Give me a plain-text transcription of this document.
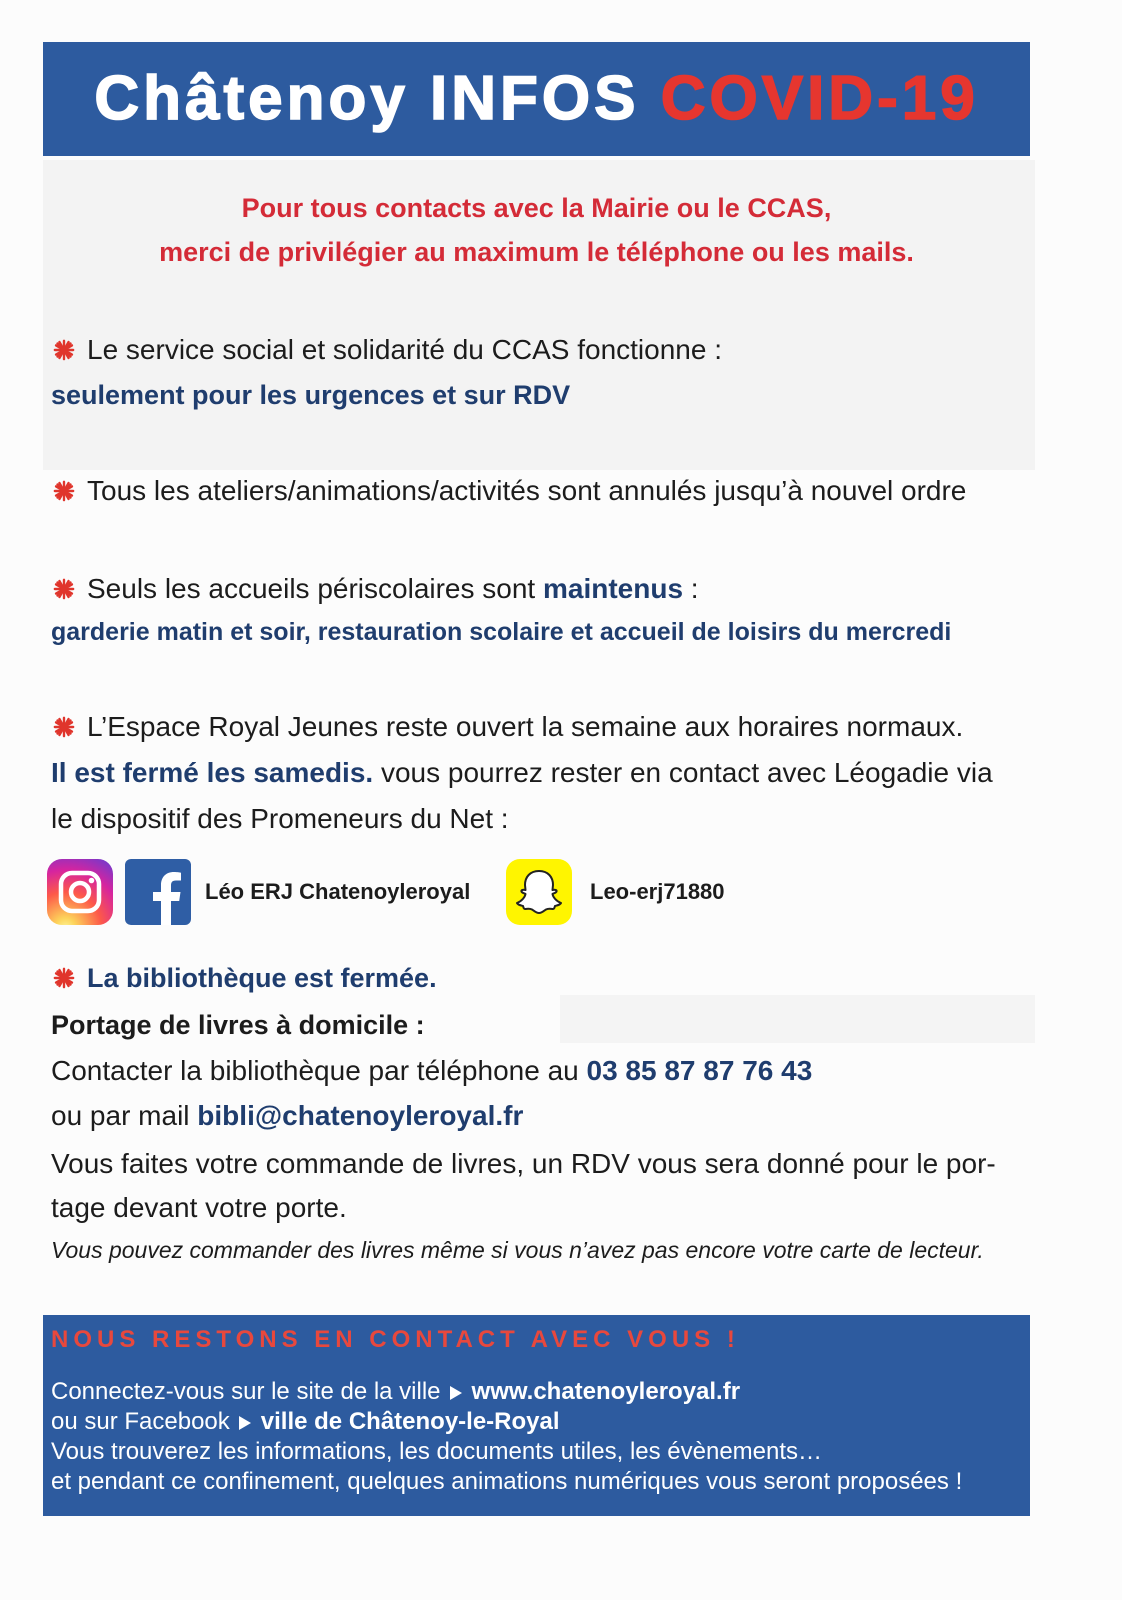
Châtenoy INFOS COVID-19
Pour tous contacts avec la Mairie ou le CCAS,
merci de privilégier au maximum le téléphone ou les mails.
Le service social et solidarité du CCAS fonctionne :
seulement pour les urgences et sur RDV
Tous les ateliers/animations/activités sont annulés jusqu’à nouvel ordre
Seuls les accueils périscolaires sont maintenus :
garderie matin et soir, restauration scolaire et accueil de loisirs du mercredi
L’Espace Royal Jeunes reste ouvert la semaine aux horaires normaux.
Il est fermé les samedis. vous pourrez rester en contact avec Léogadie via
le dispositif des Promeneurs du Net :
Léo ERJ Chatenoyleroyal	Leo-erj71880
La bibliothèque est fermée.
Portage de livres à domicile :
Contacter la bibliothèque par téléphone au 03 85 87 87 76 43
ou par mail bibli@chatenoyleroyal.fr
Vous faites votre commande de livres, un RDV vous sera donné pour le por-
tage devant votre porte.
Vous pouvez commander des livres même si vous n’avez pas encore votre carte de lecteur.
NOUS RESTONS EN CONTACT AVEC VOUS !
Connectez-vous sur le site de la ville www.chatenoyleroyal.fr
ou sur Facebook ville de Châtenoy-le-Royal
Vous trouverez les informations, les documents utiles, les évènements…
et pendant ce confinement, quelques animations numériques vous seront proposées !
